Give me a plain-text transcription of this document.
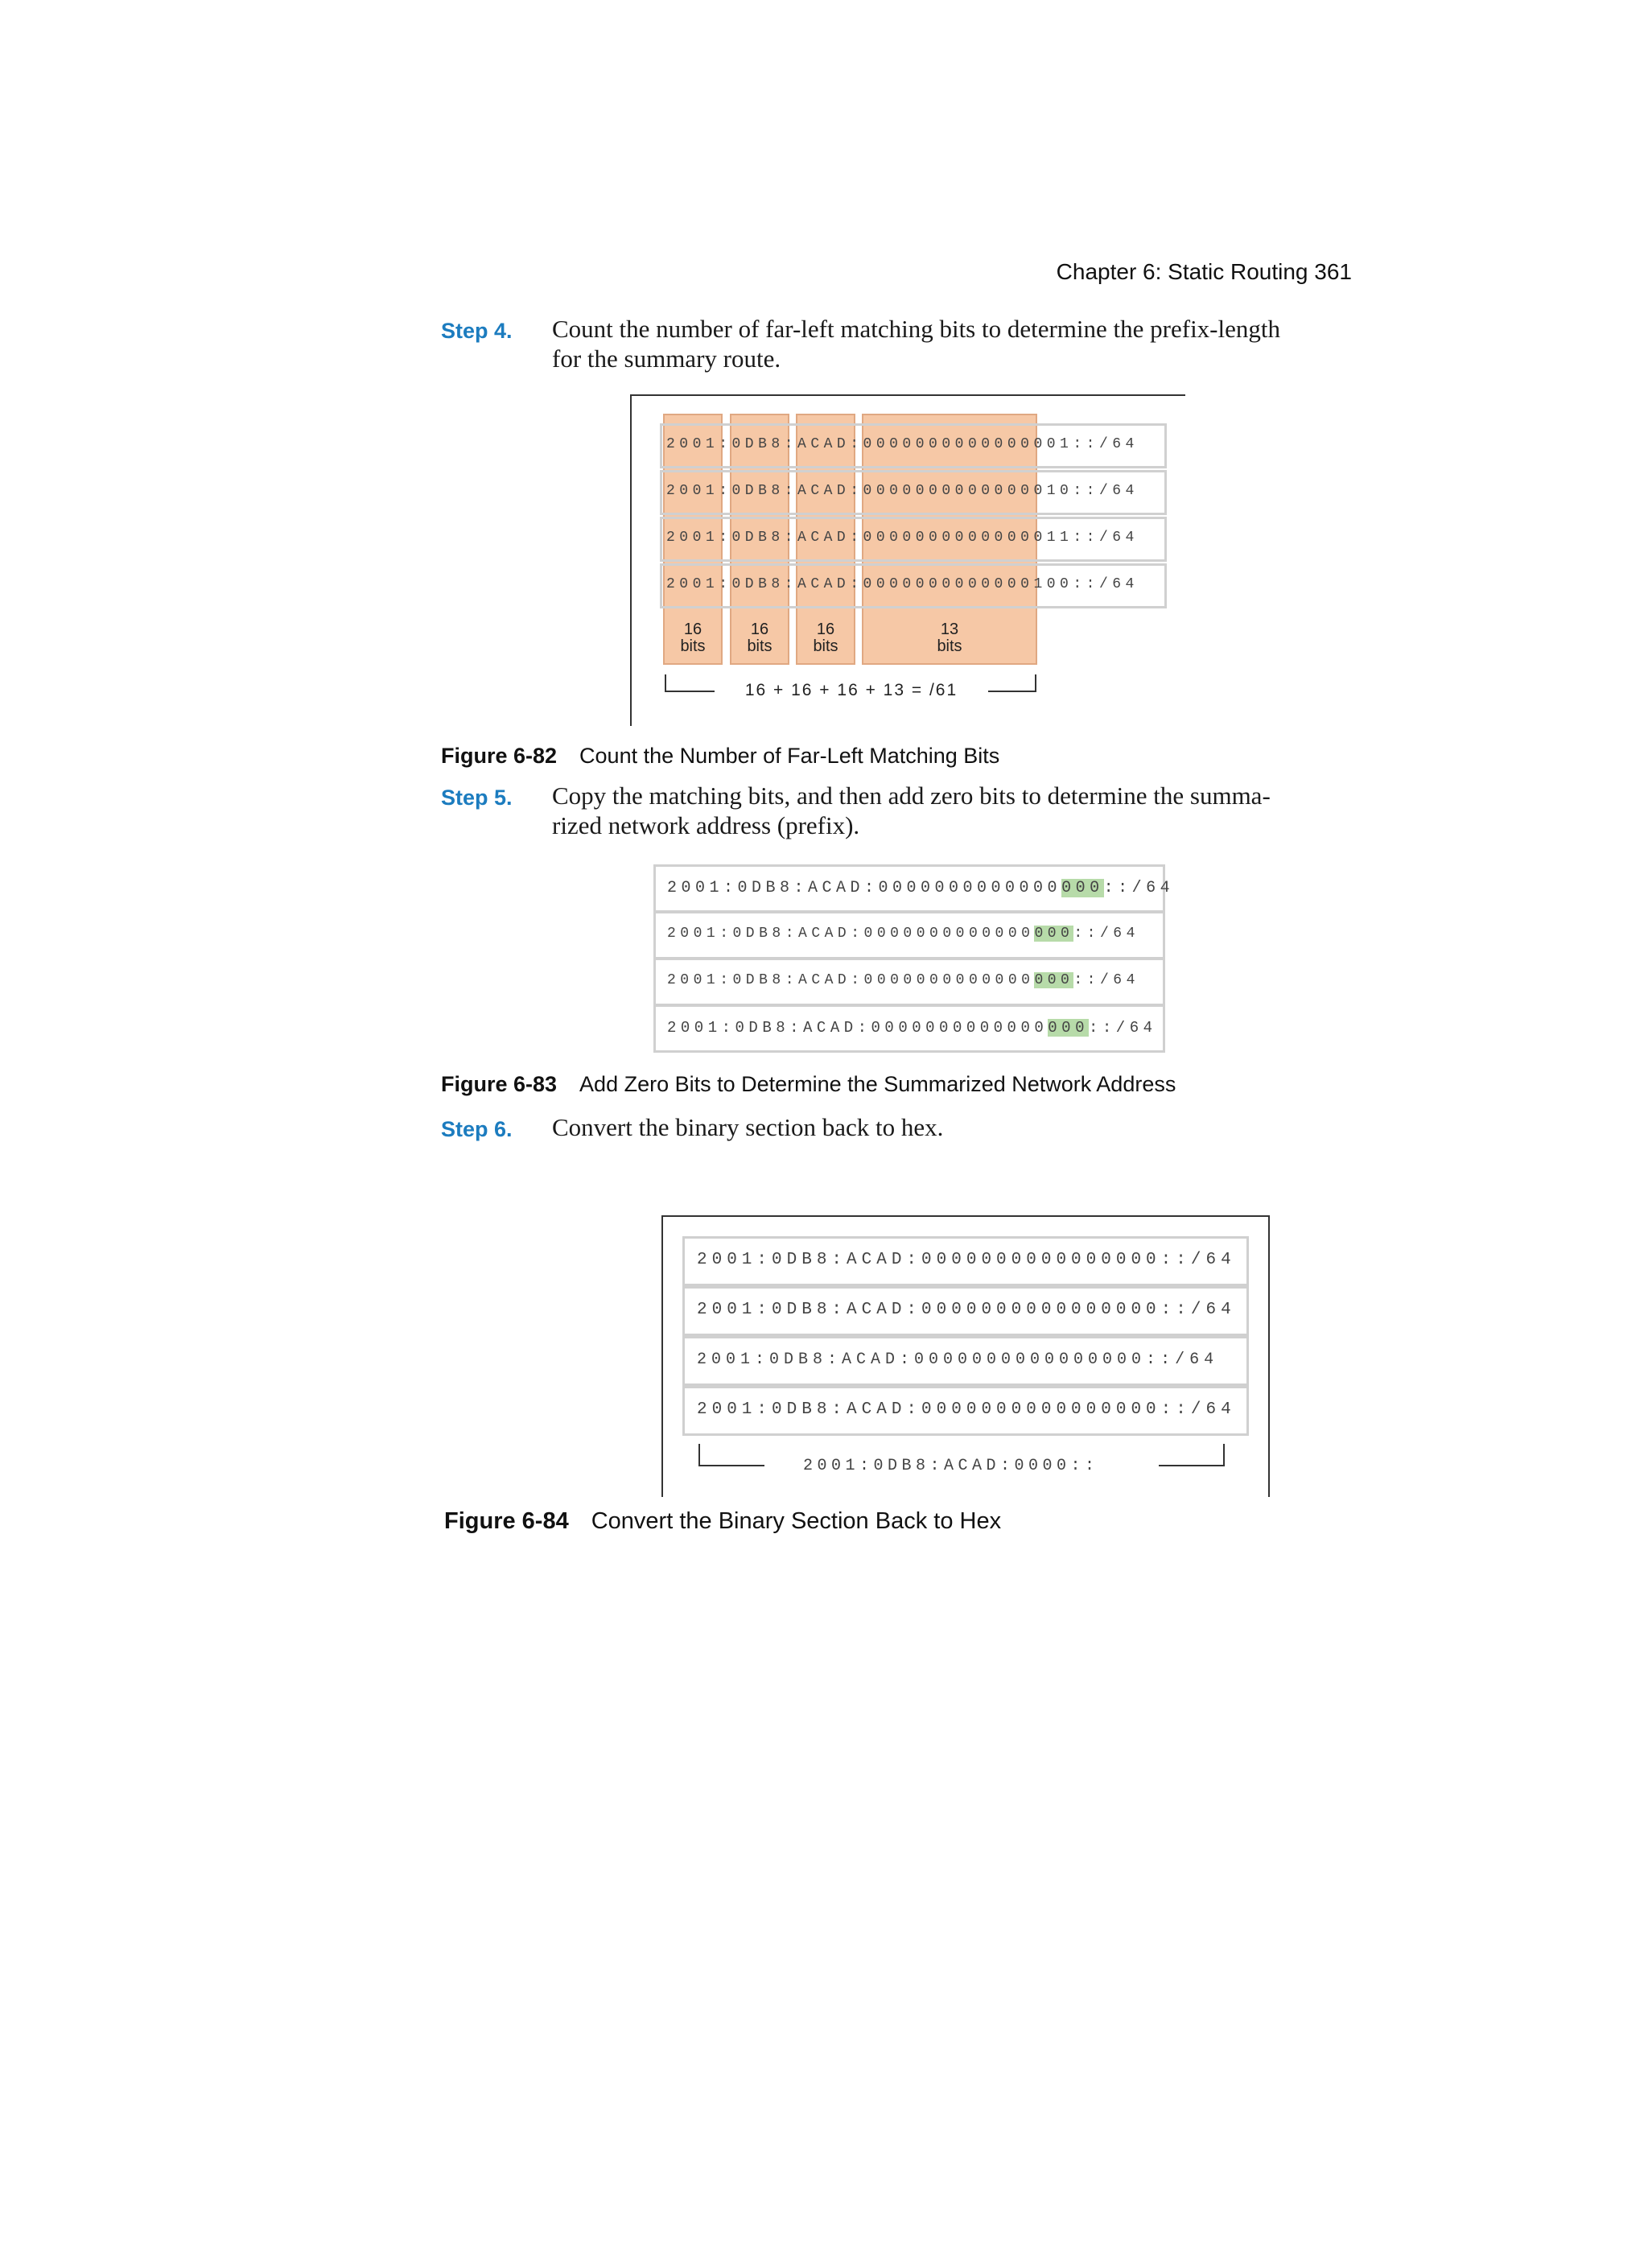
Chapter 6: Static Routing 361
Step 4. Count the number of far-left matching bits to determine the prefix-length
for the summary route.
2001:0DB8:ACAD:0000000000000001::/64
2001:0DB8:ACAD:0000000000000010::/64
2001:0DB8:ACAD:0000000000000011::/64
2001:0DB8:ACAD:0000000000000100::/64
16
bits
16
bits
16
bits
13
bits
16 + 16 + 16 + 13 = /61
Figure 6-82 Count the Number of Far-Left Matching Bits
Step 5. Copy the matching bits, and then add zero bits to determine the summa-
rized network address (prefix).
2001:0DB8:ACAD:0000000000000000::/64
2001:0DB8:ACAD:0000000000000000::/64
2001:0DB8:ACAD:0000000000000000::/64
2001:0DB8:ACAD:0000000000000000::/64
Figure 6-83 Add Zero Bits to Determine the Summarized Network Address
Step 6. Convert the binary section back to hex.
2001:0DB8:ACAD:0000000000000000::/64
2001:0DB8:ACAD:0000000000000000::/64
2001:0DB8:ACAD:0000000000000000::/64
2001:0DB8:ACAD:0000000000000000::/64
2001:0DB8:ACAD:0000::
Figure 6-84 Convert the Binary Section Back to Hex
